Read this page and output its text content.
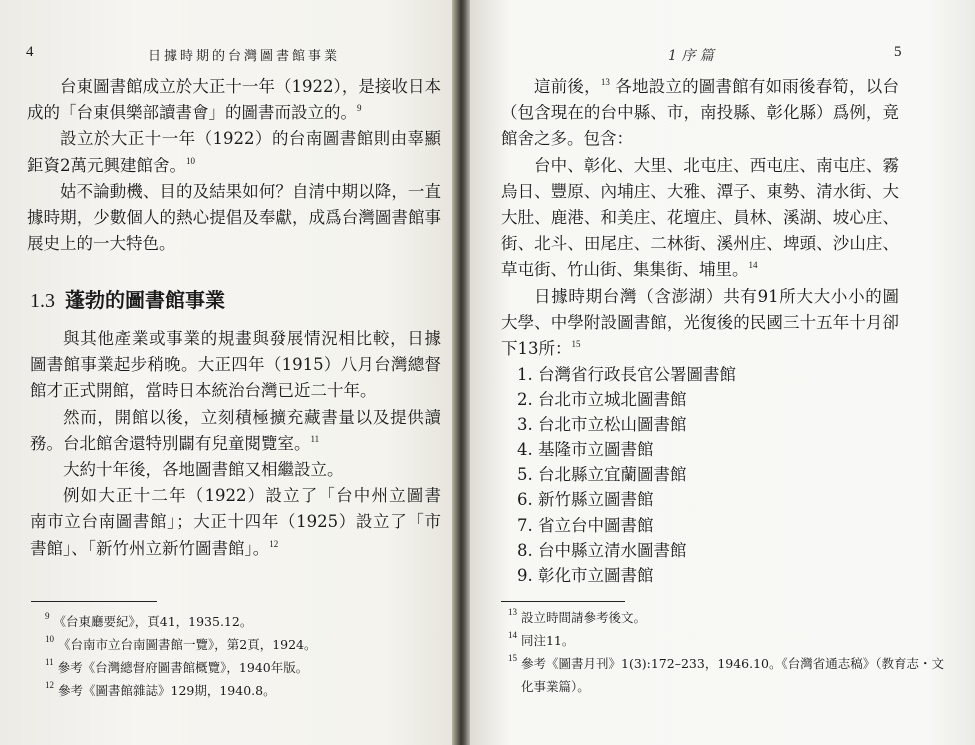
4	日據時期的台灣圖書館事業
台東圖書館成立於大正十一年（1922），是接收日本
成的「台東俱樂部讀書會」的圖書而設立的。$^9$
設立於大正十一年（1922）的台南圖書館則由辜顯
鉅資2萬元興建館舍。$^{10}$
姑不論動機、目的及結果如何？自清中期以降，一直
據時期，少數個人的熱心提倡及奉獻，成爲台灣圖書館事
展史上的一大特色。
1.3 蓬勃的圖書館事業
與其他產業或事業的規畫與發展情況相比較，日據
圖書館事業起步稍晚。大正四年（1915）八月台灣總督
館才正式開館，當時日本統治台灣已近二十年。
然而，開館以後，立刻積極擴充藏書量以及提供讀
務。台北館舍還特別闢有兒童閱覽室。$^{11}$
大約十年後，各地圖書館又相繼設立。
例如大正十二年（1922）設立了「台中州立圖書
南市立台南圖書館」；大正十四年（1925）設立了「市
書館」、「新竹州立新竹圖書館」。$^{12}$
$^9$ 《台東廳要紀》，頁41，1935.12。
$^{10}$ 《台南市立台南圖書館一覽》，第2頁，1924。
$^{11}$ 參考《台灣總督府圖書館概覽》，1940年版。
$^{12}$ 參考《圖書館雜誌》129期，1940.8。
1 序 篇	5
這前後，$^{13}$ 各地設立的圖書館有如雨後春筍，以台
（包含現在的台中縣、市，南投縣、彰化縣）爲例，竟
館舍之多。包含：
台中、彰化、大里、北屯庄、西屯庄、南屯庄、霧
烏日、豐原、內埔庄、大雅、潭子、東勢、清水街、大
大肚、鹿港、和美庄、花壇庄、員林、溪湖、坡心庄、
街、北斗、田尾庄、二林街、溪州庄、埤頭、沙山庄、
草屯街、竹山街、集集街、埔里。$^{14}$
日據時期台灣（含澎湖）共有91所大大小小的圖
大學、中學附設圖書館，光復後的民國三十五年十月卻
下13所：$^{15}$
1. 台灣省行政長官公署圖書館
2. 台北市立城北圖書館
3. 台北市立松山圖書館
4. 基隆市立圖書館
5. 台北縣立宜蘭圖書館
6. 新竹縣立圖書館
7. 省立台中圖書館
8. 台中縣立清水圖書館
9. 彰化市立圖書館
$^{13}$ 設立時間請參考後文。
$^{14}$ 同注11。
$^{15}$ 參考《圖書月刊》1(3):172–233，1946.10。《台灣省通志稿》（教育志・文
化事業篇）。
